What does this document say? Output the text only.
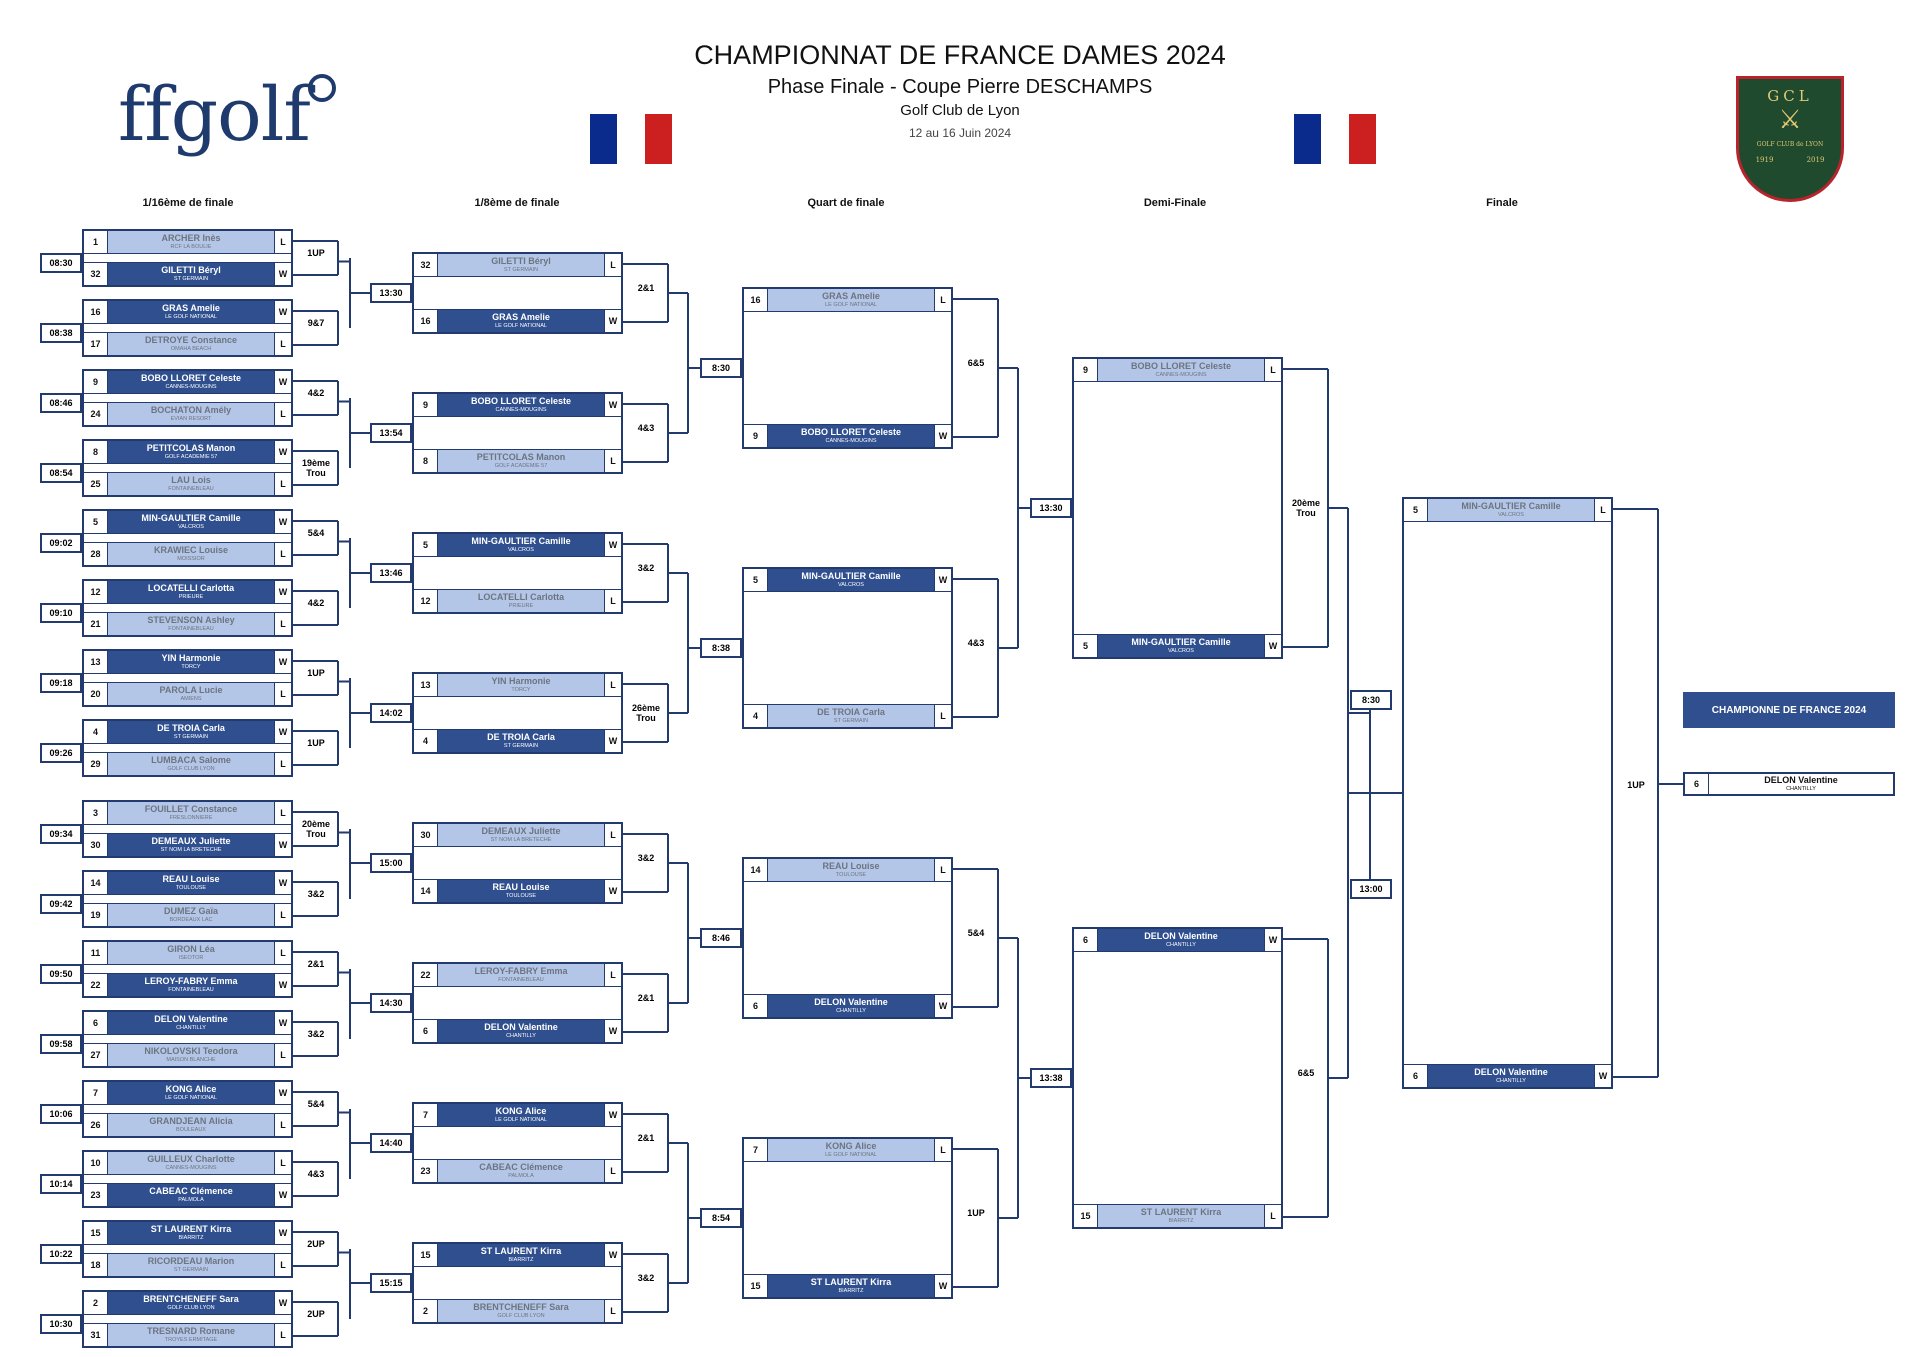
ffgolf
CHAMPIONNAT DE FRANCE DAMES 2024
Phase Finale - Coupe Pierre DESCHAMPS
Golf Club de Lyon
12 au 16 Juin 2024
GCL
⚔
GOLF CLUB de LYON
1919	2019
1/16ème de finale	1/8ème de finale	Quart de finale	Demi-Finale	Finale
1	ARCHER Inès
RCF LA BOULIE	L
32	GILETTI Béryl
ST GERMAIN	W
08:30
1UP
16	GRAS Amelie
LE GOLF NATIONAL	W
17	DETROYE Constance
OMAHA BEACH	L
08:38
9&7
9	BOBO LLORET Celeste
CANNES-MOUGINS	W
24	BOCHATON Amély
EVIAN RESORT	L
08:46
4&2
8	PETITCOLAS Manon
GOLF ACADEMIE 57	W
25	LAU Lois
FONTAINEBLEAU	L
08:54
19ème Trou
5	MIN-GAULTIER Camille
VALCROS	W
28	KRAWIEC Louise
MOISSIOR	L
09:02
5&4
12	LOCATELLI Carlotta
PRIEURE	W
21	STEVENSON Ashley
FONTAINEBLEAU	L
09:10
4&2
13	YIN Harmonie
TORCY	W
20	PAROLA Lucie
AMIENS	L
09:18
1UP
4	DE TROIA Carla
ST GERMAIN	W
29	LUMBACA Salome
GOLF CLUB LYON	L
09:26
1UP
3	FOUILLET Constance
FRESLONNIERE	L
30	DEMEAUX Juliette
ST NOM LA BRETECHE	W
09:34
20ème Trou
14	REAU Louise
TOULOUSE	W
19	DUMEZ Gaïa
BORDEAUX LAC	L
09:42
3&2
11	GIRON Léa
ISEOTOR	L
22	LEROY-FABRY Emma
FONTAINEBLEAU	W
09:50
2&1
6	DELON Valentine
CHANTILLY	W
27	NIKOLOVSKI Teodora
MAISON BLANCHE	L
09:58
3&2
7	KONG Alice
LE GOLF NATIONAL	W
26	GRANDJEAN Alicia
BOULEAUX	L
10:06
5&4
10	GUILLEUX Charlotte
CANNES-MOUGINS	L
23	CABEAC Clémence
PALMOLA	W
10:14
4&3
15	ST LAURENT Kirra
BIARRITZ	W
18	RICORDEAU Marion
ST GERMAIN	L
10:22
2UP
2	BRENTCHENEFF Sara
GOLF CLUB LYON	W
31	TRESNARD Romane
TROYES ERMITAGE	L
10:30
2UP
32	GILETTI Béryl
ST GERMAIN	L
16	GRAS Amelie
LE GOLF NATIONAL	W
13:30	2&1
9	BOBO LLORET Celeste
CANNES-MOUGINS	W
8	PETITCOLAS Manon
GOLF ACADEMIE 57	L
13:54	4&3
5	MIN-GAULTIER Camille
VALCROS	W
12	LOCATELLI Carlotta
PRIEURE	L
13:46	3&2
13	YIN Harmonie
TORCY	L
4	DE TROIA Carla
ST GERMAIN	W
14:02	26ème Trou
30	DEMEAUX Juliette
ST NOM LA BRETECHE	L
14	REAU Louise
TOULOUSE	W
15:00	3&2
22	LEROY-FABRY Emma
FONTAINEBLEAU	L
6	DELON Valentine
CHANTILLY	W
14:30	2&1
7	KONG Alice
LE GOLF NATIONAL	W
23	CABEAC Clémence
PALMOLA	L
14:40	2&1
15	ST LAURENT Kirra
BIARRITZ	W
2	BRENTCHENEFF Sara
GOLF CLUB LYON	L
15:15	3&2
16	GRAS Amelie
LE GOLF NATIONAL	L
9	BOBO LLORET Celeste
CANNES-MOUGINS	W
8:30	6&5
5	MIN-GAULTIER Camille
VALCROS	W
4	DE TROIA Carla
ST GERMAIN	L
8:38	4&3
14	REAU Louise
TOULOUSE	L
6	DELON Valentine
CHANTILLY	W
8:46	5&4
7	KONG Alice
LE GOLF NATIONAL	L
15	ST LAURENT Kirra
BIARRITZ	W
8:54	1UP
9	BOBO LLORET Celeste
CANNES-MOUGINS	L
5	MIN-GAULTIER Camille
VALCROS	W
13:30	20ème Trou
6	DELON Valentine
CHANTILLY	W
15	ST LAURENT Kirra
BIARRITZ	L
13:38	6&5
5	MIN-GAULTIER Camille
VALCROS	L
6	DELON Valentine
CHANTILLY	W
8:30
13:00
1UP
CHAMPIONNE DE FRANCE 2024
6	DELON Valentine
CHANTILLY
